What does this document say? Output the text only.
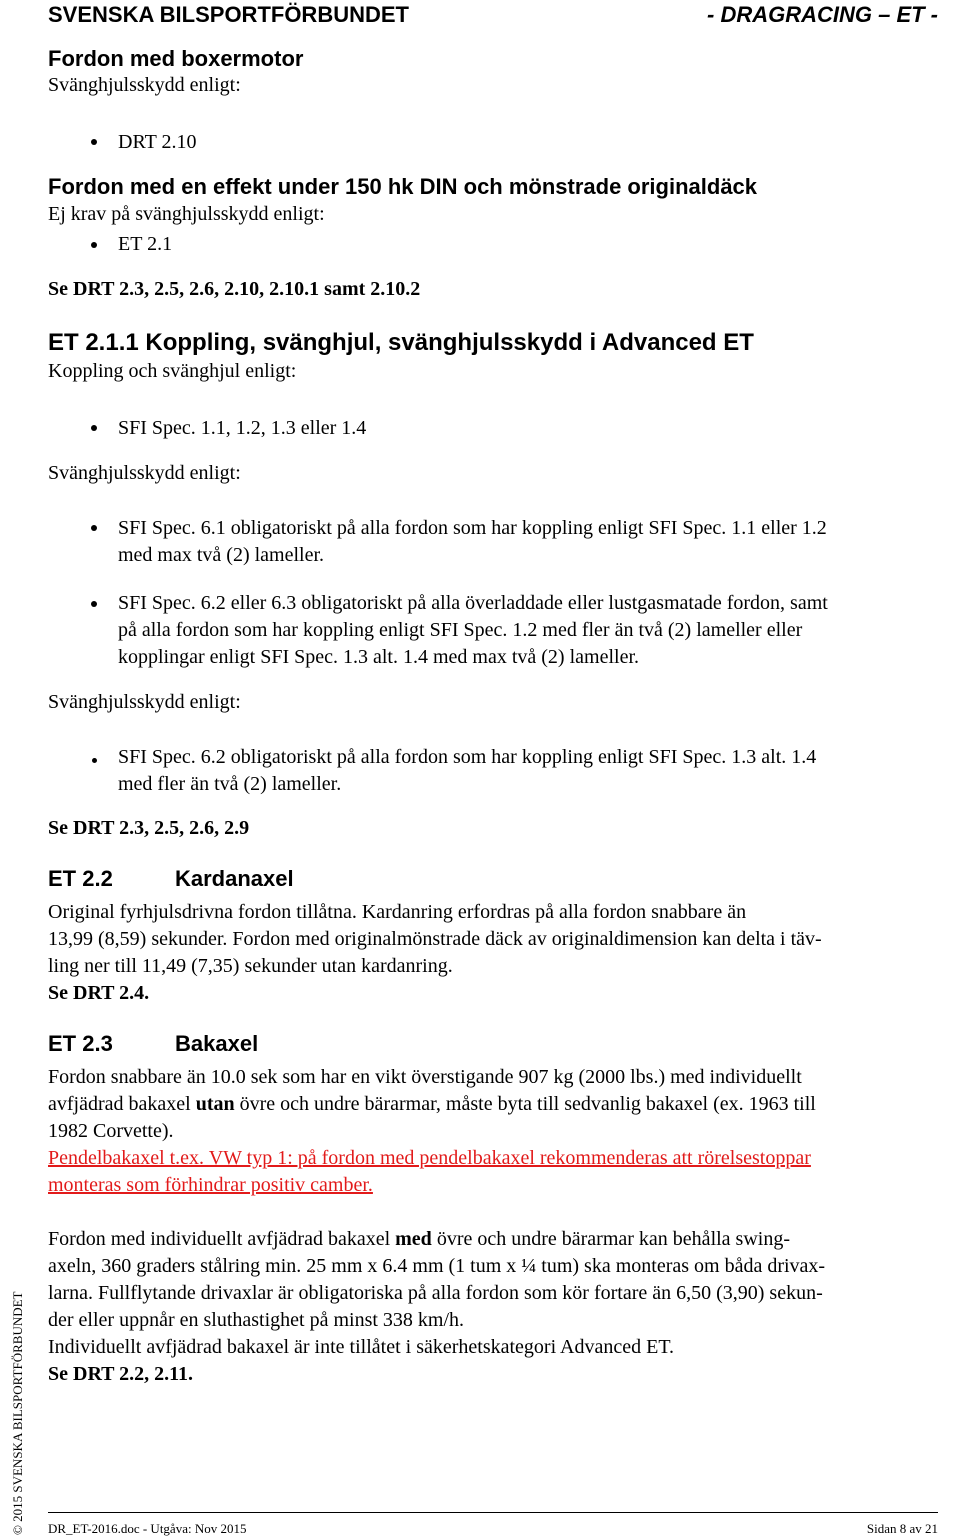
SVENSKA BILSPORTFÖRBUNDET	- DRAGRACING – ET -
Fordon med boxermotor
Svänghjulsskydd enligt:
DRT 2.10
Fordon med en effekt under 150 hk DIN och mönstrade originaldäck
Ej krav på svänghjulsskydd enligt:
ET 2.1
Se DRT 2.3, 2.5, 2.6, 2.10, 2.10.1 samt 2.10.2
ET 2.1.1 Koppling, svänghjul, svänghjulsskydd i Advanced ET
Koppling och svänghjul enligt:
SFI Spec. 1.1, 1.2, 1.3 eller 1.4
Svänghjulsskydd enligt:
SFI Spec. 6.1 obligatoriskt på alla fordon som har koppling enligt SFI Spec. 1.1 eller 1.2
med max två (2) lameller.
SFI Spec. 6.2 eller 6.3 obligatoriskt på alla överladdade eller lustgasmatade fordon, samt
på alla fordon som har koppling enligt SFI Spec. 1.2 med fler än två (2) lameller eller
kopplingar enligt SFI Spec. 1.3 alt. 1.4 med max två (2) lameller.
Svänghjulsskydd enligt:
SFI Spec. 6.2 obligatoriskt på alla fordon som har koppling enligt SFI Spec. 1.3 alt. 1.4
med fler än två (2) lameller.
Se DRT 2.3, 2.5, 2.6, 2.9
ET 2.2	Kardanaxel
Original fyrhjulsdrivna fordon tillåtna. Kardanring erfordras på alla fordon snabbare än
13,99 (8,59) sekunder. Fordon med originalmönstrade däck av originaldimension kan delta i täv-
ling ner till 11,49 (7,35) sekunder utan kardanring.
Se DRT 2.4.
ET 2.3	Bakaxel
Fordon snabbare än 10.0 sek som har en vikt överstigande 907 kg (2000 lbs.) med individuellt
avfjädrad bakaxel utan övre och undre bärarmar, måste byta till sedvanlig bakaxel (ex. 1963 till
1982 Corvette).
Pendelbakaxel t.ex. VW typ 1: på fordon med pendelbakaxel rekommenderas att rörelsestoppar
monteras som förhindrar positiv camber.
Fordon med individuellt avfjädrad bakaxel med övre och undre bärarmar kan behålla swing-
axeln, 360 graders stålring min. 25 mm x 6.4 mm (1 tum x ¼ tum) ska monteras om båda drivax-
larna. Fullflytande drivaxlar är obligatoriska på alla fordon som kör fortare än 6,50 (3,90) sekun-
der eller uppnår en sluthastighet på minst 338 km/h.
Individuellt avfjädrad bakaxel är inte tillåtet i säkerhetskategori Advanced ET.
Se DRT 2.2, 2.11.
© 2015 SVENSKA BILSPORTFÖRBUNDET DR_ET-2016.doc - Utgåva: Nov 2015	Sidan 8 av 21
